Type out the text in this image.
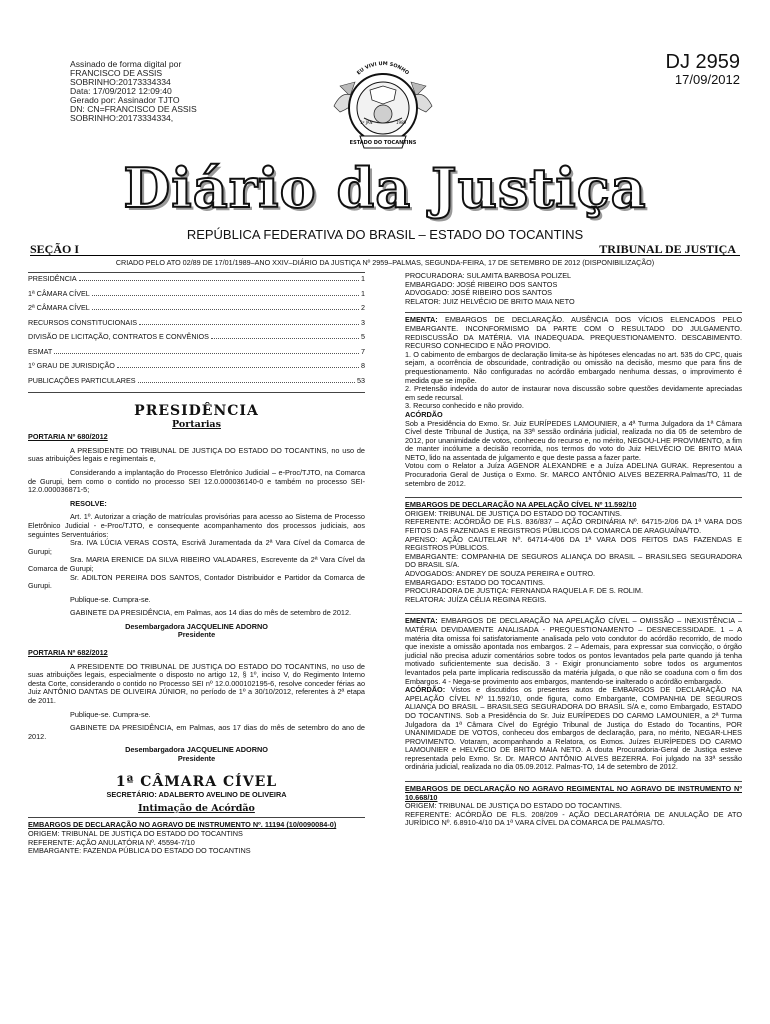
Assinado de forma digital por
FRANCISCO DE ASSIS
SOBRINHO:20173334334
Data: 17/09/2012 12:09:40
Gerado por: Assinador TJTO
DN: CN=FRANCISCO DE ASSIS
SOBRINHO:20173334334,
DJ 2959
17/09/2012
EU VIVI UM SONHO
1º JAN	1989
ESTADO DO TOCANTINS
Diário da Justiça
REPÚBLICA FEDERATIVA DO BRASIL – ESTADO DO TOCANTINS
SEÇÃO I	TRIBUNAL DE JUSTIÇA
CRIADO PELO ATO 02/89 DE 17/01/1989–ANO XXIV–DIÁRIO DA JUSTIÇA Nº 2959–PALMAS, SEGUNDA-FEIRA, 17 DE SETEMBRO DE 2012 (DISPONIBILIZAÇÃO)
PRESIDÊNCIA	1
1ª CÂMARA CÍVEL	1
2ª CÂMARA CÍVEL	2
RECURSOS CONSTITUCIONAIS	3
DIVISÃO DE LICITAÇÃO, CONTRATOS E CONVÊNIOS	5
ESMAT	7
1º GRAU DE JURISDIÇÃO	8
PUBLICAÇÕES PARTICULARES	53
PRESIDÊNCIA
Portarias
PORTARIA Nº 680/2012

A PRESIDENTE DO TRIBUNAL DE JUSTIÇA DO ESTADO DO TOCANTINS, no uso de suas atribuições legais e regimentais e,

Considerando a implantação do Processo Eletrônico Judicial – e-Proc/TJTO, na Comarca de Gurupi, bem como o contido no processo SEI 12.0.000036140-0 e também no processo SEI-12.0.000036871-5;

RESOLVE:

Art. 1º. Autorizar a criação de matrículas provisórias para acesso ao Sistema de Processo Eletrônico Judicial - e-Proc/TJTO, e consequente acompanhamento dos processos judiciais, aos seguintes Serventuários:

Sra. IVA LÚCIA VERAS COSTA, Escrivã Juramentada da 2ª Vara Cível da Comarca de Gurupi;

Sra. MARIA ERENICE DA SILVA RIBEIRO VALADARES, Escrevente da 2ª Vara Cível da Comarca de Gurupi;

Sr. ADILTON PEREIRA DOS SANTOS, Contador Distribuidor e Partidor da Comarca de Gurupi.

Publique-se. Cumpra-se.

GABINETE DA PRESIDÊNCIA, em Palmas, aos 14 dias do mês de setembro de 2012.

Desembargadora JACQUELINE ADORNO

Presidente

PORTARIA Nº 682/2012

A PRESIDENTE DO TRIBUNAL DE JUSTIÇA DO ESTADO DO TOCANTINS, no uso de suas atribuições legais, especialmente o disposto no artigo 12, § 1º, inciso V, do Regimento Interno desta Corte, considerando o contido no Processo SEI nº 12.0.000102195-6, resolve conceder férias ao Juiz ANTÔNIO DANTAS DE OLIVEIRA JÚNIOR, no período de 1º a 30/10/2012, referentes à 2ª etapa de 2011.

Publique-se. Cumpra-se.

GABINETE DA PRESIDÊNCIA, em Palmas, aos 17 dias do mês de setembro do ano de 2012.

Desembargadora JACQUELINE ADORNO

Presidente

1ª CÂMARA CÍVEL

SECRETÁRIO: ADALBERTO AVELINO DE OLIVEIRA

Intimação de Acórdão
EMBARGOS DE DECLARAÇÃO NO AGRAVO DE INSTRUMENTO Nº. 11194 (10/0090084-0)

ORIGEM: TRIBUNAL DE JUSTIÇA DO ESTADO DO TOCANTINS

REFERENTE: AÇÃO ANULATÓRIA Nº. 45594-7/10

EMBARGANTE: FAZENDA PÚBLICA DO ESTADO DO TOCANTINS

PROCURADORA: SULAMITA BARBOSA POLIZEL

EMBARGADO: JOSÉ RIBEIRO DOS SANTOS

ADVOGADO: JOSÉ RIBEIRO DOS SANTOS

RELATOR: JUIZ HELVÉCIO DE BRITO MAIA NETO

EMENTA: EMBARGOS DE DECLARAÇÃO. AUSÊNCIA DOS VÍCIOS ELENCADOS PELO EMBARGANTE. INCONFORMISMO DA PARTE COM O RESULTADO DO JULGAMENTO. REDISCUSSÃO DA MATÉRIA. VIA INADEQUADA. PREQUESTIONAMENTO. DESCABIMENTO. RECURSO CONHECIDO E NÃO PROVIDO.

1. O cabimento de embargos de declaração limita-se às hipóteses elencadas no art. 535 do CPC, quais sejam, a ocorrência de obscuridade, contradição ou omissão na decisão, mesmo que para fins de prequestionamento. Não configuradas no acórdão embargado nenhuma dessas, o improvimento é medida que se impõe.

2. Pretensão indevida do autor de instaurar nova discussão sobre questões devidamente apreciadas em sede recursal.

3. Recurso conhecido e não provido.

ACÓRDÃO

Sob a Presidência do Exmo. Sr. Juiz EURÍPEDES LAMOUNIER, a 4ª Turma Julgadora da 1ª Câmara Cível deste Tribunal de Justiça, na 33ª sessão ordinária judicial, realizada no dia 05 de setembro de 2012, por unanimidade de votos, conheceu do recurso e, no mérito, NEGOU-LHE PROVIMENTO, a fim de manter incólume a decisão recorrida, nos termos do voto do Juiz HELVÉCIO DE BRITO MAIA NETO, lido na assentada de julgamento e que deste passa a fazer parte.

Votou com o Relator a Juíza AGENOR ALEXANDRE e a Juíza ADELINA GURAK. Representou a Procuradoria Geral de Justiça o Exmo. Sr. MARCO ANTÔNIO ALVES BEZERRA.Palmas/TO, 11 de setembro de 2012.

EMBARGOS DE DECLARAÇÃO NA APELAÇÃO CÍVEL Nº 11.592/10

ORIGEM: TRIBUNAL DE JUSTIÇA DO ESTADO DO TOCANTINS.

REFERENTE: ACÓRDÃO DE FLS. 836/837 – AÇÃO ORDINÁRIA Nº. 64715-2/06 DA 1ª VARA DOS FEITOS DAS FAZENDAS E REGISTROS PÚBLICOS DA COMARCA DE ARAGUAÍNA/TO.

APENSO: AÇÃO CAUTELAR Nº. 64714-4/06 DA 1ª VARA DOS FEITOS DAS FAZENDAS E REGISTROS PÚBLICOS.

EMBARGANTE: COMPANHIA DE SEGUROS ALIANÇA DO BRASIL – BRASILSEG SEGURADORA DO BRASIL S/A.

ADVOGADOS: ANDREY DE SOUZA PEREIRA e OUTRO.

EMBARGADO: ESTADO DO TOCANTINS.

PROCURADORA DE JUSTIÇA: FERNANDA RAQUELA F. DE S. ROLIM.

RELATORA: JUÍZA CÉLIA REGINA REGIS.

EMENTA: EMBARGOS DE DECLARAÇÃO NA APELAÇÃO CÍVEL – OMISSÃO – INEXISTÊNCIA – MATÉRIA DEVIDAMENTE ANALISADA - PREQUESTIONAMENTO – DESNECESSIDADE. 1 – A matéria dita omissa foi satisfatoriamente analisada pelo voto condutor do acórdão recorrido, de modo que inexiste a omissão apontada nos embargos. 2 – Ademais, para expressar sua convicção, o órgão judicial não precisa aduzir comentários sobre todos os pontos levantados pela parte quando já tenha motivado suficientemente sua decisão. 3 - Exigir pronunciamento sobre todos os argumentos levantados pela parte implicaria rediscussão da matéria julgada, o que não se coaduna com o fim dos Embargos. 4 - Nega-se provimento aos embargos, mantendo-se inalterado o acórdão embargado.

ACÓRDÃO: Vistos e discutidos os presentes autos de EMBARGOS DE DECLARAÇÃO NA APELAÇÃO CÍVEL Nº 11.592/10, onde figura, como Embargante, COMPANHIA DE SEGUROS ALIANÇA DO BRASIL – BRASILSEG SEGURADORA DO BRASIL S/A e, como Embargado, ESTADO DO TOCANTINS. Sob a Presidência do Sr. Juiz EURÍPEDES DO CARMO LAMOUNIER, a 2ª Turma Julgadora da 1ª Câmara Cível do Egrégio Tribunal de Justiça do Estado do Tocantins, POR UNANIMIDADE DE VOTOS, conheceu dos embargos de declaração, para, no mérito, NEGAR-LHES PROVIMENTO. Votaram, acompanhando a Relatora, os Exmos. Juízes EURÍPEDES DO CARMO LAMOUNIER e HELVÉCIO DE BRITO MAIA NETO. A douta Procuradoria-Geral de Justiça esteve representada pelo Exmo. Sr. Dr. MARCO ANTÔNIO ALVES BEZERRA. Foi julgado na 33ª sessão ordinária judicial, realizada no dia 05.09.2012. Palmas-TO, 14 de setembro de 2012.

EMBARGOS DE DECLARAÇÃO NO AGRAVO REGIMENTAL NO AGRAVO DE INSTRUMENTO Nº 10.668/10

ORIGEM: TRIBUNAL DE JUSTIÇA DO ESTADO DO TOCANTINS.

REFERENTE: ACÓRDÃO DE FLS. 208/209 - AÇÃO DECLARATÓRIA DE ANULAÇÃO DE ATO JURÍDICO Nº. 6.8910-4/10 DA 1ª VARA CÍVEL DA COMARCA DE PALMAS/TO.
